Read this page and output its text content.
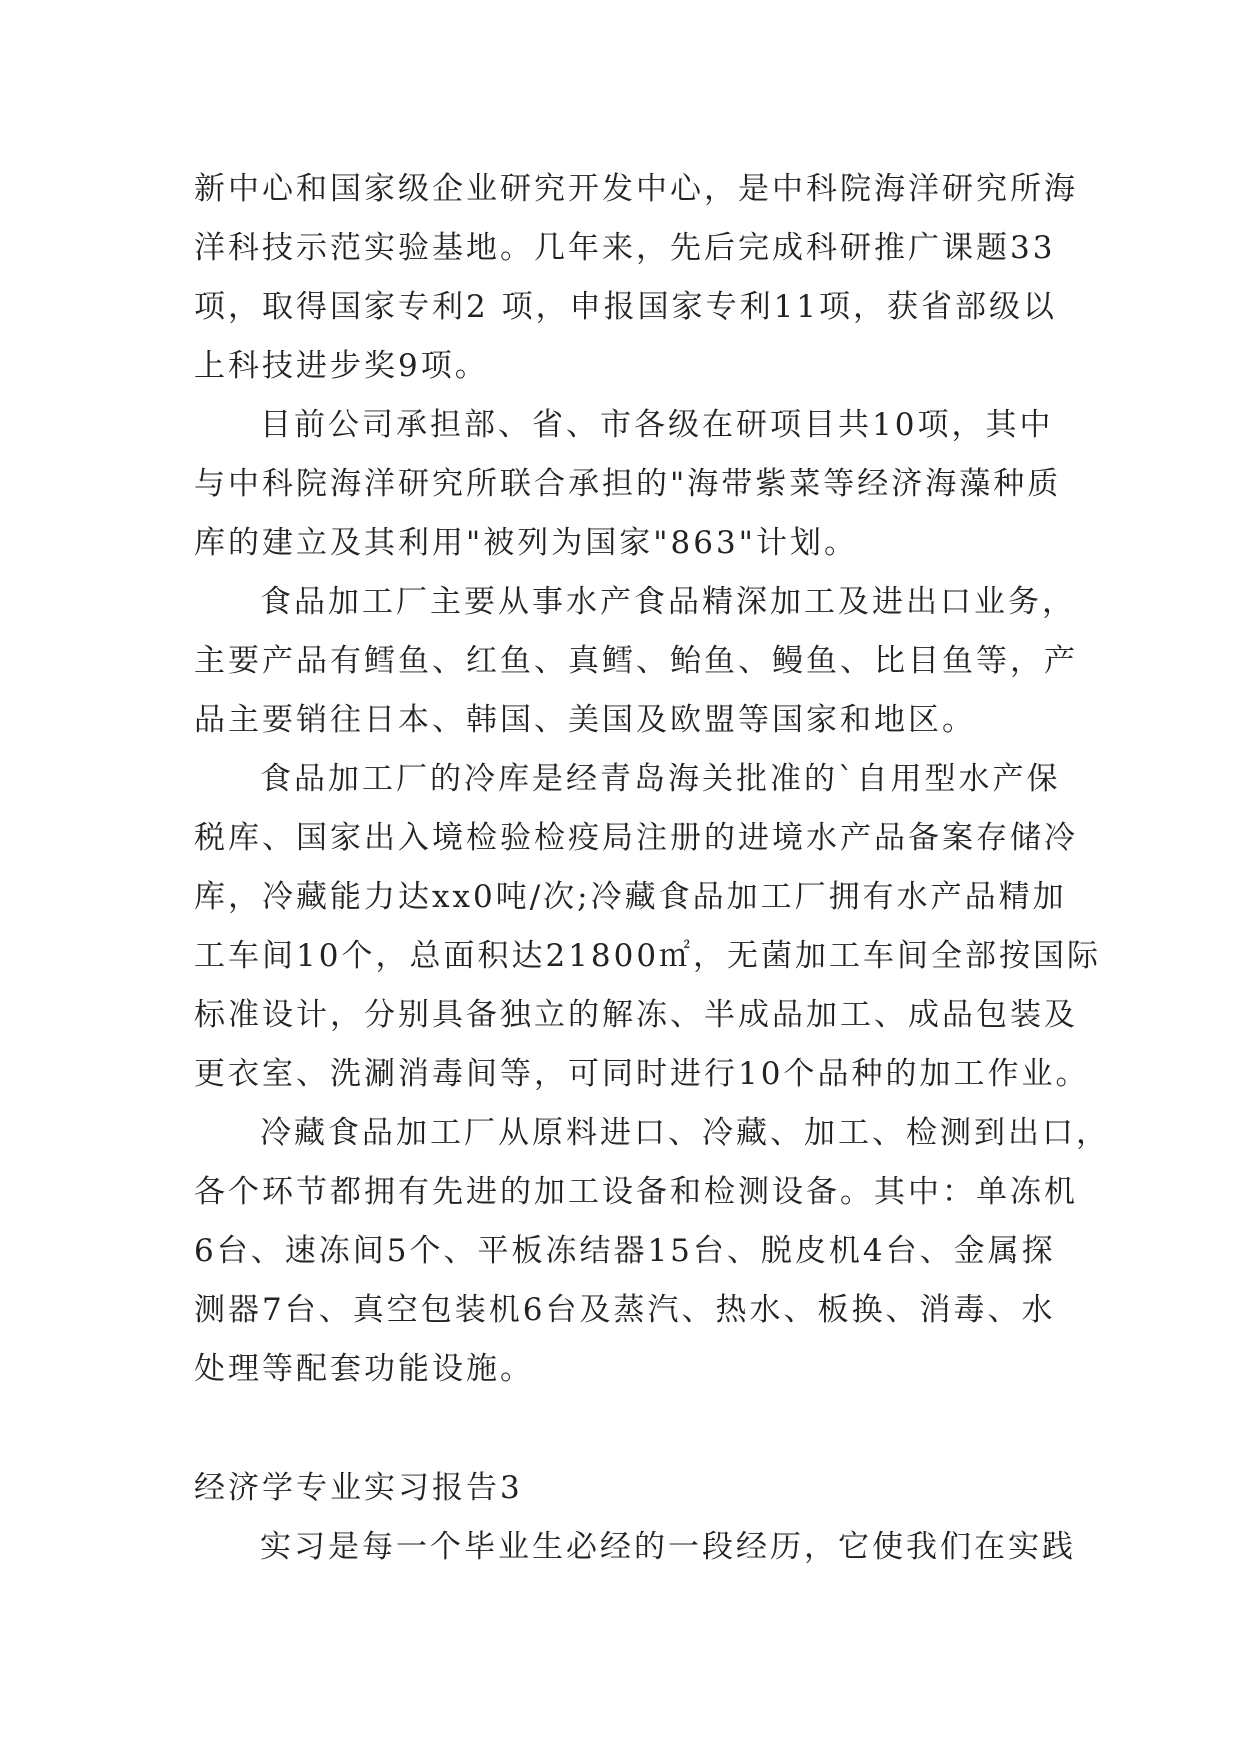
新中心和国家级企业研究开发中心，是中科院海洋研究所海
洋科技示范实验基地。几年来，先后完成科研推广课题33
项，取得国家专利2 项，申报国家专利11项，获省部级以
上科技进步奖9项。
目前公司承担部、省、市各级在研项目共10项，其中
与中科院海洋研究所联合承担的"海带紫菜等经济海藻种质
库的建立及其利用"被列为国家"863"计划。
食品加工厂主要从事水产食品精深加工及进出口业务，
主要产品有鳕鱼、红鱼、真鳕、鲐鱼、鳗鱼、比目鱼等，产
品主要销往日本、韩国、美国及欧盟等国家和地区。
食品加工厂的冷库是经青岛海关批准的`自用型水产保
税库、国家出入境检验检疫局注册的进境水产品备案存储冷
库，冷藏能力达xx0吨/次;冷藏食品加工厂拥有水产品精加
工车间10个，总面积达21800㎡，无菌加工车间全部按国际
标准设计，分别具备独立的解冻、半成品加工、成品包装及
更衣室、洗涮消毒间等，可同时进行10个品种的加工作业。
冷藏食品加工厂从原料进口、冷藏、加工、检测到出口，
各个环节都拥有先进的加工设备和检测设备。其中：单冻机
6台、速冻间5个、平板冻结器15台、脱皮机4台、金属探
测器7台、真空包装机6台及蒸汽、热水、板换、消毒、水
处理等配套功能设施。
经济学专业实习报告3
实习是每一个毕业生必经的一段经历，它使我们在实践
